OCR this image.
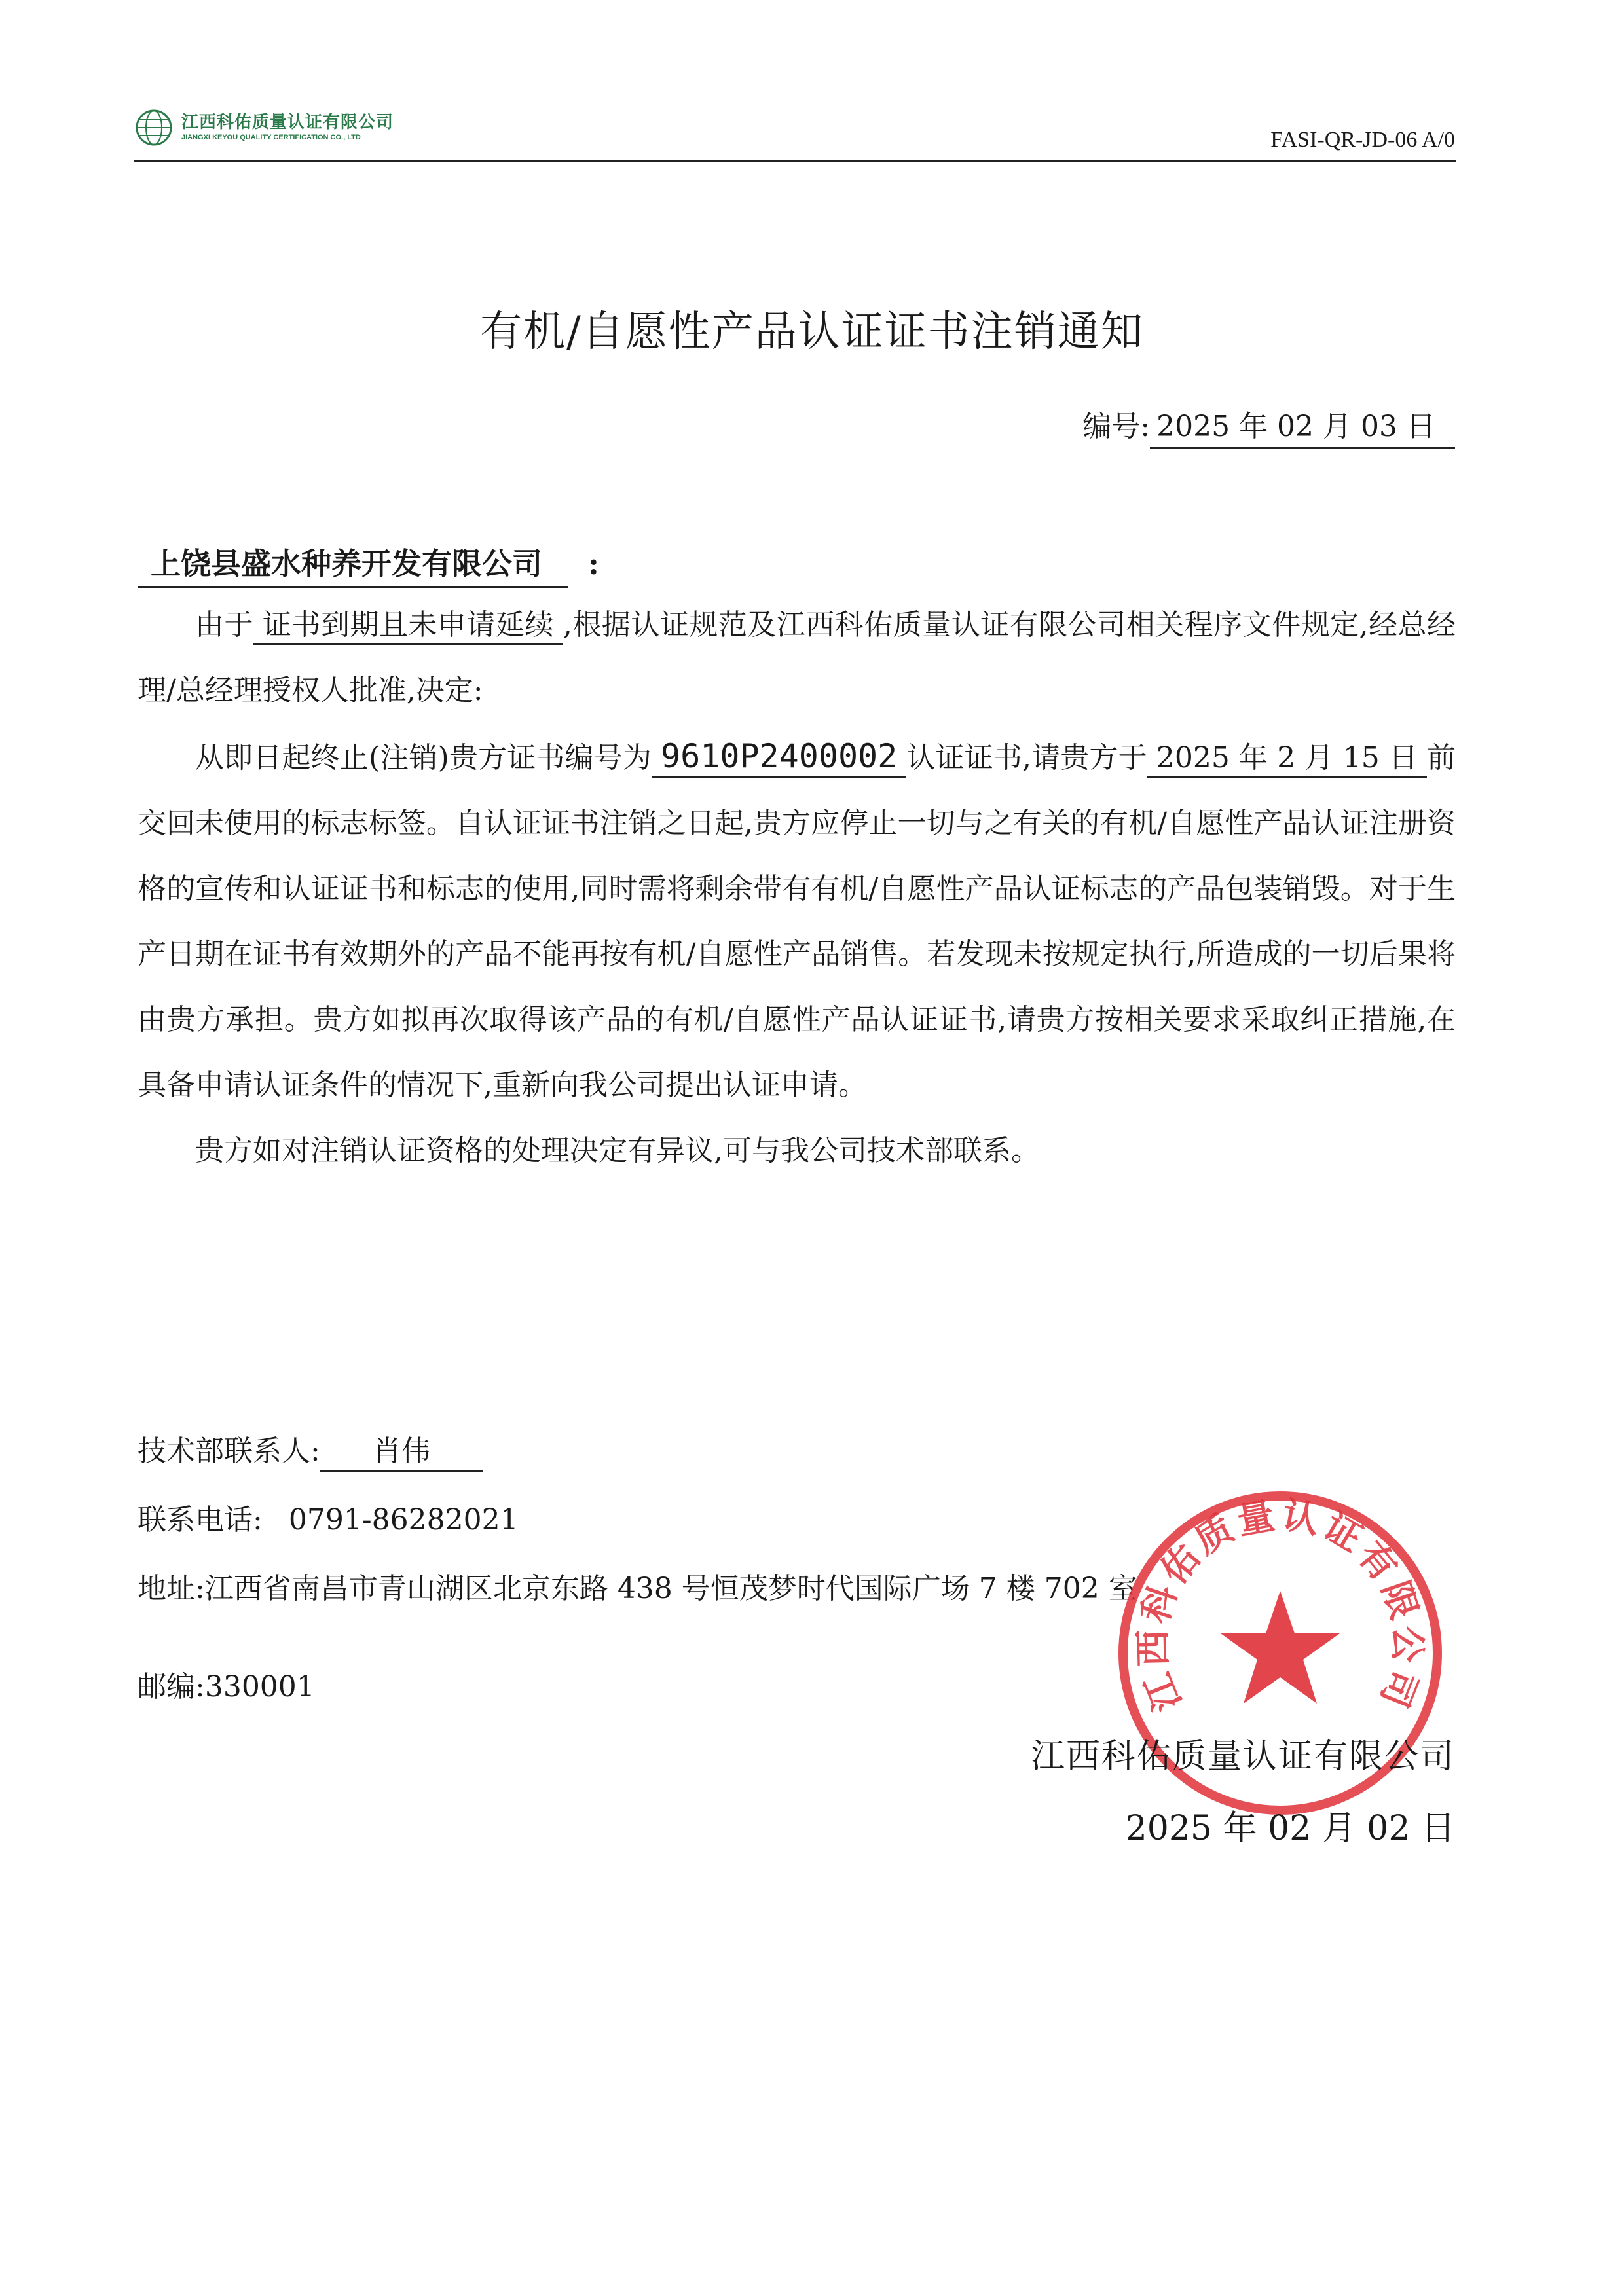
江西科佑质量认证有限公司
JIANGXI KEYOU QUALITY CERTIFICATION CO., LTD	FASI-QR-JD-06 A/0
有机/自愿性产品认证证书注销通知
编号: 2025 年 02 月 03 日
上饶县盛水种养开发有限公司 :

由于 证书到期且未申请延续 ,根据认证规范及江西科佑质量认证有限公司相关程序文件规定,经总经理/总经理授权人批准,决定:

从即日起终止(注销)贵方证书编号为 9610P2400002 认证证书,请贵方于 2025 年 2 月 15 日 前交回未使用的标志标签。自认证证书注销之日起,贵方应停止一切与之有关的有机/自愿性产品认证注册资格的宣传和认证证书和标志的使用,同时需将剩余带有有机/自愿性产品认证标志的产品包装销毁。对于生产日期在证书有效期外的产品不能再按有机/自愿性产品销售。若发现未按规定执行,所造成的一切后果将由贵方承担。贵方如拟再次取得该产品的有机/自愿性产品认证证书,请贵方按相关要求采取纠正措施,在具备申请认证条件的情况下,重新向我公司提出认证申请。

贵方如对注销认证资格的处理决定有异议,可与我公司技术部联系。

技术部联系人: 肖伟
联系电话: 0791-86282021
地址:江西省南昌市青山湖区北京东路 438 号恒茂梦时代国际广场 7 楼 702 室
邮编:330001	江西科佑质量认证有限公司
江西科佑质量认证有限公司
2025 年 02 月 02 日
